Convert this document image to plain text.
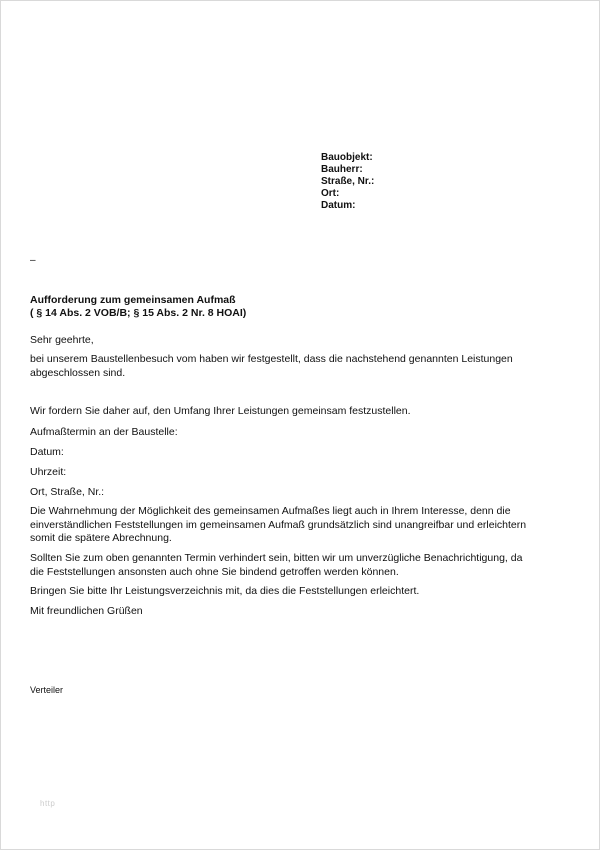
Bauobjekt:
Bauherr:
Straße, Nr.:
Ort:
Datum:
–
Aufforderung zum gemeinsamen Aufmaß
( § 14 Abs. 2 VOB/B; § 15 Abs. 2 Nr. 8 HOAI)
Sehr geehrte,
bei unserem Baustellenbesuch vom haben wir festgestellt, dass die nachstehend genannten Leistungen
abgeschlossen sind.
Wir fordern Sie daher auf, den Umfang Ihrer Leistungen gemeinsam festzustellen.
Aufmaßtermin an der Baustelle:
Datum:
Uhrzeit:
Ort, Straße, Nr.:
Die Wahrnehmung der Möglichkeit des gemeinsamen Aufmaßes liegt auch in Ihrem Interesse, denn die
einverständlichen Feststellungen im gemeinsamen Aufmaß grundsätzlich sind unangreifbar und erleichtern
somit die spätere Abrechnung.
Sollten Sie zum oben genannten Termin verhindert sein, bitten wir um unverzügliche Benachrichtigung, da
die Feststellungen ansonsten auch ohne Sie bindend getroffen werden können.
Bringen Sie bitte Ihr Leistungsverzeichnis mit, da dies die Feststellungen erleichtert.
Mit freundlichen Grüßen
Verteiler
http
